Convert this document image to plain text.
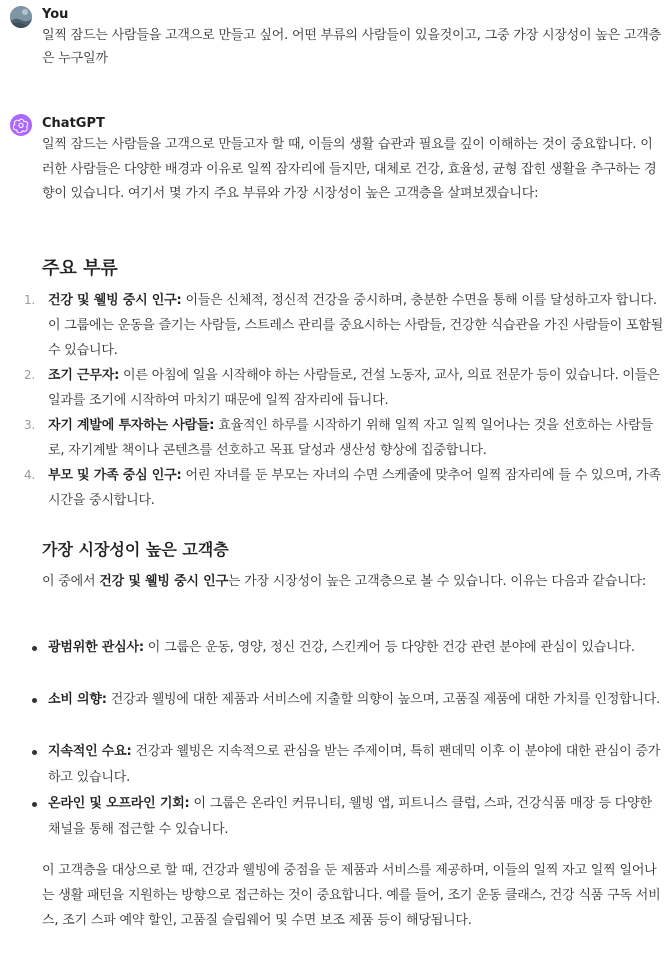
You
일찍 잠드는 사람들을 고객으로 만들고 싶어. 어떤 부류의 사람들이 있을것이고, 그중 가장 시장성이 높은 고객층은 누구일까
ChatGPT
일찍 잠드는 사람들을 고객으로 만들고자 할 때, 이들의 생활 습관과 필요를 깊이 이해하는 것이 중요합니다. 이러한 사람들은 다양한 배경과 이유로 일찍 잠자리에 들지만, 대체로 건강, 효율성, 균형 잡힌 생활을 추구하는 경향이 있습니다. 여기서 몇 가지 주요 부류와 가장 시장성이 높은 고객층을 살펴보겠습니다:
주요 부류
1. 건강 및 웰빙 중시 인구: 이들은 신체적, 정신적 건강을 중시하며, 충분한 수면을 통해 이를 달성하고자 합니다. 이 그룹에는 운동을 즐기는 사람들, 스트레스 관리를 중요시하는 사람들, 건강한 식습관을 가진 사람들이 포함될 수 있습니다.
2. 조기 근무자: 이른 아침에 일을 시작해야 하는 사람들로, 건설 노동자, 교사, 의료 전문가 등이 있습니다. 이들은 일과를 조기에 시작하여 마치기 때문에 일찍 잠자리에 듭니다.
3. 자기 계발에 투자하는 사람들: 효율적인 하루를 시작하기 위해 일찍 자고 일찍 일어나는 것을 선호하는 사람들로, 자기계발 책이나 콘텐츠를 선호하고 목표 달성과 생산성 향상에 집중합니다.
4. 부모 및 가족 중심 인구: 어린 자녀를 둔 부모는 자녀의 수면 스케줄에 맞추어 일찍 잠자리에 들 수 있으며, 가족 시간을 중시합니다.
가장 시장성이 높은 고객층
이 중에서 건강 및 웰빙 중시 인구는 가장 시장성이 높은 고객층으로 볼 수 있습니다. 이유는 다음과 같습니다:
광범위한 관심사: 이 그룹은 운동, 영양, 정신 건강, 스킨케어 등 다양한 건강 관련 분야에 관심이 있습니다.
소비 의향: 건강과 웰빙에 대한 제품과 서비스에 지출할 의향이 높으며, 고품질 제품에 대한 가치를 인정합니다.
지속적인 수요: 건강과 웰빙은 지속적으로 관심을 받는 주제이며, 특히 팬데믹 이후 이 분야에 대한 관심이 증가하고 있습니다.
온라인 및 오프라인 기회: 이 그룹은 온라인 커뮤니티, 웰빙 앱, 피트니스 클럽, 스파, 건강식품 매장 등 다양한 채널을 통해 접근할 수 있습니다.
이 고객층을 대상으로 할 때, 건강과 웰빙에 중점을 둔 제품과 서비스를 제공하며, 이들의 일찍 자고 일찍 일어나는 생활 패턴을 지원하는 방향으로 접근하는 것이 중요합니다. 예를 들어, 조기 운동 클래스, 건강 식품 구독 서비스, 조기 스파 예약 할인, 고품질 슬립웨어 및 수면 보조 제품 등이 해당됩니다.
